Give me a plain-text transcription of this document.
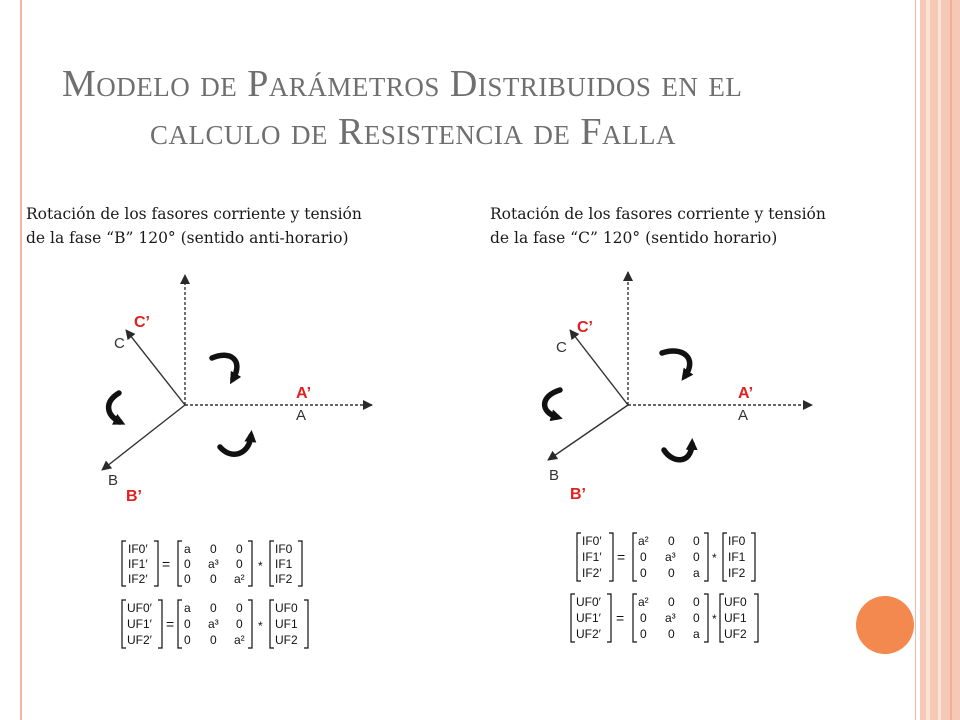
Modelo de Parámetros Distribuidos en el
calculo de Resistencia de Falla
Rotación de los fasores corriente y tensión
de la fase “B” 120° (sentido anti-horario)
Rotación de los fasores corriente y tensión
de la fase “C” 120° (sentido horario)
C’
C
A’
A
B
B’
C’
C
A’
A
B
B’
IF0′
IF1′
IF2′
=
a 0 0
0 a³ 0
0 0 a²
*
IF0
IF1
IF2
UF0′
UF1′
UF2′
=
a 0 0
0 a³ 0
0 0 a²
*
UF0
UF1
UF2
IF0′
IF1′
IF2′
=
a² 0 0
0 a³ 0
0 0 a
*
IF0
IF1
IF2
UF0′
UF1′
UF2′
=
a² 0 0
0 a³ 0
0 0 a
*
UF0
UF1
UF2
